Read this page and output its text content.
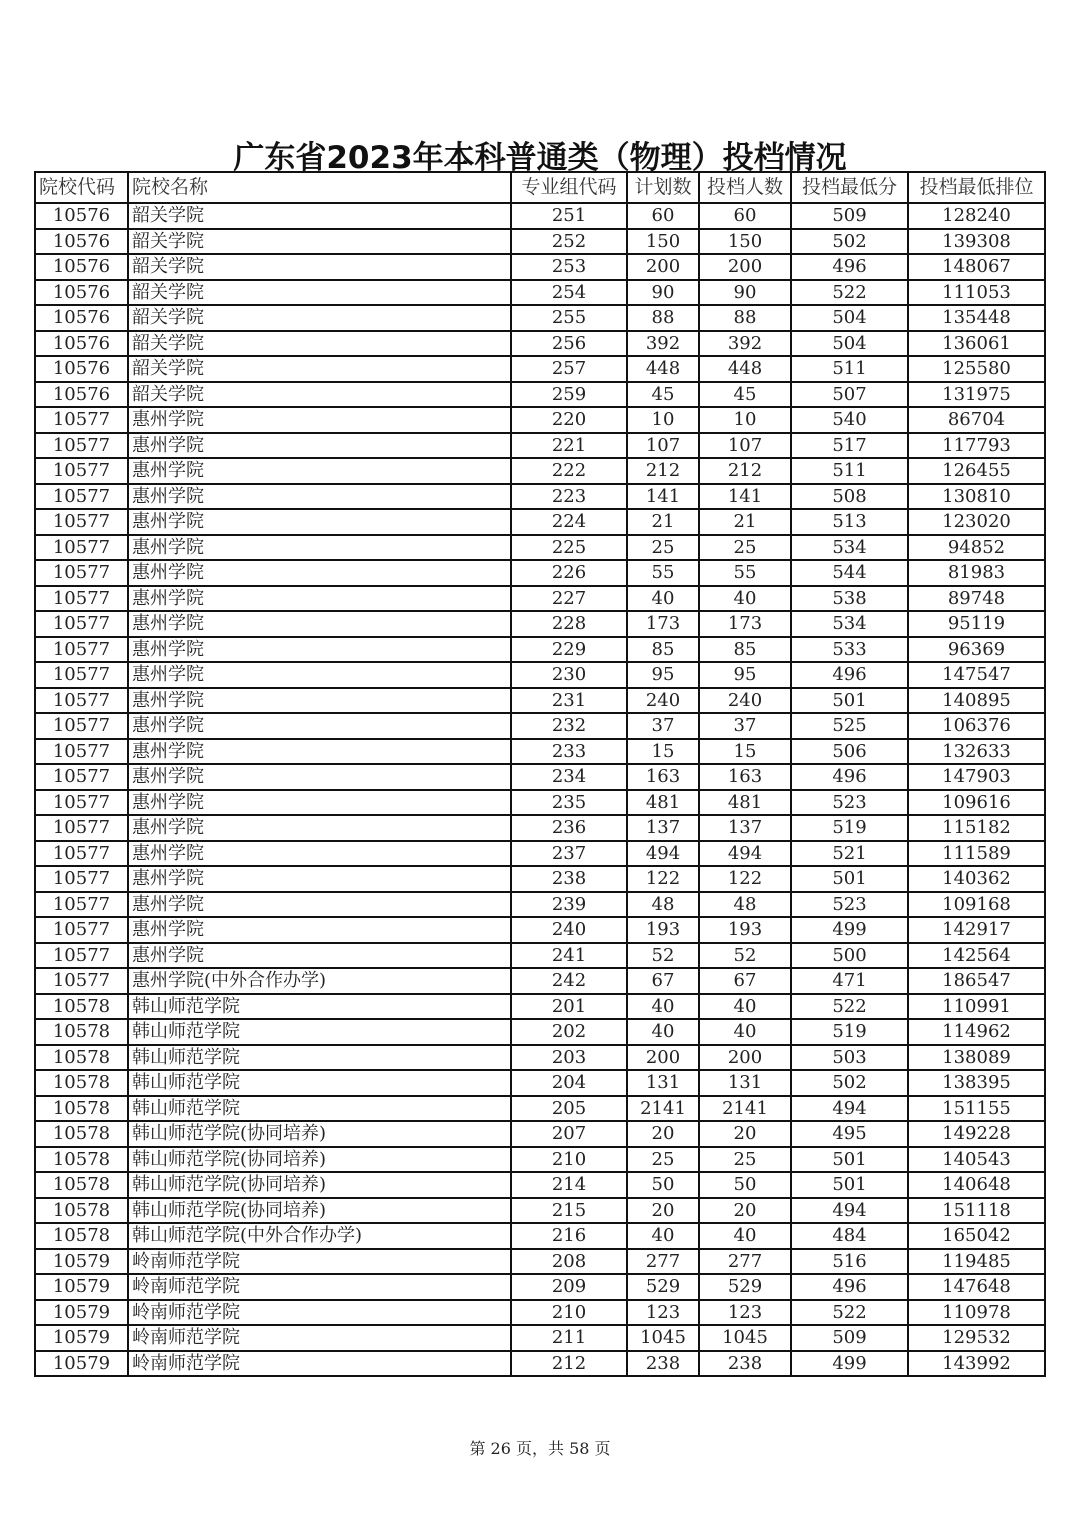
广东省2023年本科普通类（物理）投档情况
院校代码	院校名称	专业组代码	计划数	投档人数	投档最低分	投档最低排位
10576	韶关学院	251	60	60	509	128240
10576	韶关学院	252	150	150	502	139308
10576	韶关学院	253	200	200	496	148067
10576	韶关学院	254	90	90	522	111053
10576	韶关学院	255	88	88	504	135448
10576	韶关学院	256	392	392	504	136061
10576	韶关学院	257	448	448	511	125580
10576	韶关学院	259	45	45	507	131975
10577	惠州学院	220	10	10	540	86704
10577	惠州学院	221	107	107	517	117793
10577	惠州学院	222	212	212	511	126455
10577	惠州学院	223	141	141	508	130810
10577	惠州学院	224	21	21	513	123020
10577	惠州学院	225	25	25	534	94852
10577	惠州学院	226	55	55	544	81983
10577	惠州学院	227	40	40	538	89748
10577	惠州学院	228	173	173	534	95119
10577	惠州学院	229	85	85	533	96369
10577	惠州学院	230	95	95	496	147547
10577	惠州学院	231	240	240	501	140895
10577	惠州学院	232	37	37	525	106376
10577	惠州学院	233	15	15	506	132633
10577	惠州学院	234	163	163	496	147903
10577	惠州学院	235	481	481	523	109616
10577	惠州学院	236	137	137	519	115182
10577	惠州学院	237	494	494	521	111589
10577	惠州学院	238	122	122	501	140362
10577	惠州学院	239	48	48	523	109168
10577	惠州学院	240	193	193	499	142917
10577	惠州学院	241	52	52	500	142564
10577	惠州学院(中外合作办学)	242	67	67	471	186547
10578	韩山师范学院	201	40	40	522	110991
10578	韩山师范学院	202	40	40	519	114962
10578	韩山师范学院	203	200	200	503	138089
10578	韩山师范学院	204	131	131	502	138395
10578	韩山师范学院	205	2141	2141	494	151155
10578	韩山师范学院(协同培养)	207	20	20	495	149228
10578	韩山师范学院(协同培养)	210	25	25	501	140543
10578	韩山师范学院(协同培养)	214	50	50	501	140648
10578	韩山师范学院(协同培养)	215	20	20	494	151118
10578	韩山师范学院(中外合作办学)	216	40	40	484	165042
10579	岭南师范学院	208	277	277	516	119485
10579	岭南师范学院	209	529	529	496	147648
10579	岭南师范学院	210	123	123	522	110978
10579	岭南师范学院	211	1045	1045	509	129532
10579	岭南师范学院	212	238	238	499	143992
第 26 页，共 58 页
